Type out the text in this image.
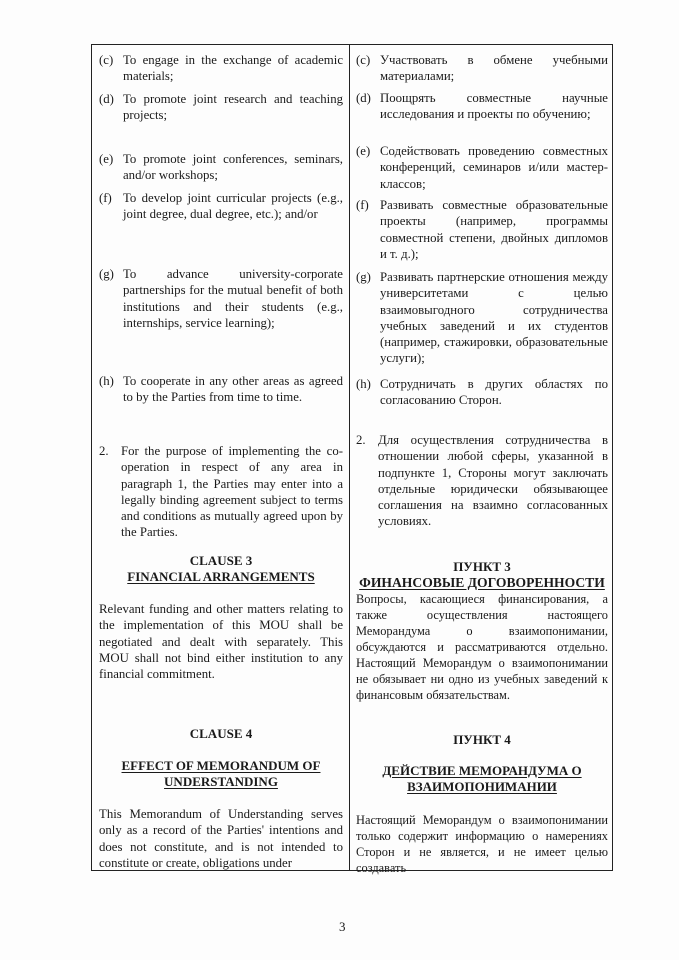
(c) To engage in the exchange of academic materials;
(d) To promote joint research and teaching projects;
(e) To promote joint conferences, seminars, and/or workshops;
(f) To develop joint curricular projects (e.g., joint degree, dual degree, etc.); and/or
(g) To advance university-corporate partnerships for the mutual benefit of both institutions and their students (e.g., internships, service learning);
(h) To cooperate in any other areas as agreed to by the Parties from time to time.
2. For the purpose of implementing the co-operation in respect of any area in paragraph 1, the Parties may enter into a legally binding agreement subject to terms and conditions as mutually agreed upon by the Parties.
CLAUSE 3
FINANCIAL ARRANGEMENTS
Relevant funding and other matters relating to the implementation of this MOU shall be negotiated and dealt with separately. This MOU shall not bind either institution to any financial commitment.
CLAUSE 4
EFFECT OF MEMORANDUM OF
UNDERSTANDING
This Memorandum of Understanding serves only as a record of the Parties' intentions and does not constitute, and is not intended to constitute or create, obligations under
(c) Участвовать в обмене учебными материалами;
(d) Поощрять совместные научные исследования и проекты по обучению;
(e) Содействовать проведению совместных конференций, семинаров и/или мастер-классов;
(f) Развивать совместные образовательные проекты (например, программы совместной степени, двойных дипломов и т. д.);
(g) Развивать партнерские отношения между университетами с целью взаимовыгодного сотрудничества учебных заведений и их студентов (например, стажировки, образовательные услуги);
(h) Сотрудничать в других областях по согласованию Сторон.
2. Для осуществления сотрудничества в отношении любой сферы, указанной в подпункте 1, Стороны могут заключать отдельные юридически обязывающее соглашения на взаимно согласованных условиях.
ПУНКТ 3
ФИНАНСОВЫЕ ДОГОВОРЕННОСТИ
Вопросы, касающиеся финансирования, а также осуществления настоящего Меморандума о взаимопонимании, обсуждаются и рассматриваются отдельно. Настоящий Меморандум о взаимопонимании не обязывает ни одно из учебных заведений к финансовым обязательствам.
ПУНКТ 4
ДЕЙСТВИЕ МЕМОРАНДУМА О
ВЗАИМОПОНИМАНИИ
Настоящий Меморандум о взаимопонимании только содержит информацию о намерениях Сторон и не является, и не имеет целью создавать
3
